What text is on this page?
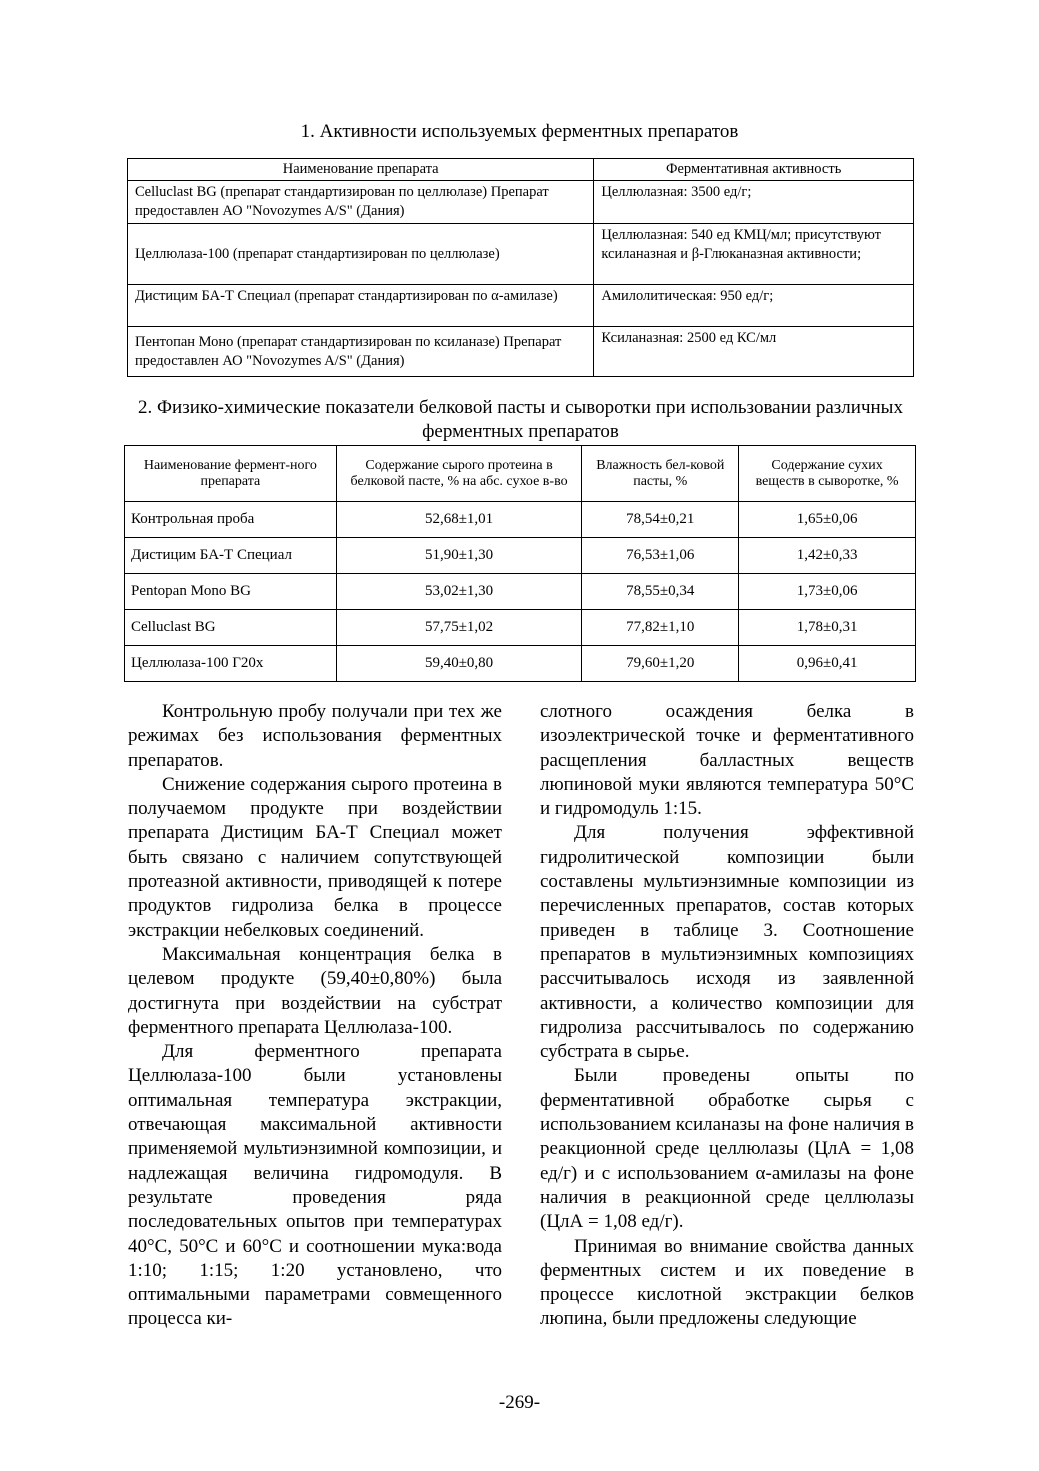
1. Активности используемых ферментных препаратов
Наименование препарата	Ферментативная активность
Celluclast BG (препарат стандартизирован по целлюлазе) Препарат предоставлен АО "Novozymes A/S" (Дания)	Целлюлазная: 3500 ед/г;
Целлюлаза-100 (препарат стандартизирован по целлюлазе)	Целлюлазная: 540 ед КМЦ/мл; присутствуют ксиланазная и β-Глюканазная активности;
Дистицим БА-Т Специал (препарат стандартизирован по α-амилазе)	Амилолитическая: 950 ед/г;
Пентопан Моно (препарат стандартизирован по ксиланазе) Препарат предоставлен АО "Novozymes A/S" (Дания)	Ксиланазная: 2500 ед КС/мл
2. Физико-химические показатели белковой пасты и сыворотки при использовании различных ферментных препаратов
Наименование фермент-ного препарата	Содержание сырого протеина в белковой пасте, % на абс. сухое в-во	Влажность бел-ковой пасты, %	Содержание сухих веществ в сыворотке, %
Контрольная проба	52,68±1,01	78,54±0,21	1,65±0,06
Дистицим БА-Т Специал	51,90±1,30	76,53±1,06	1,42±0,33
Pentopan Mono BG	53,02±1,30	78,55±0,34	1,73±0,06
Celluclast BG	57,75±1,02	77,82±1,10	1,78±0,31
Целлюлаза-100 Г20х	59,40±0,80	79,60±1,20	0,96±0,41

Контрольную пробу получали при тех же режимах без использования ферментных препаратов.

Снижение содержания сырого протеина в получаемом продукте при воздействии препарата Дистицим БА-Т Специал может быть связано с наличием сопутствующей протеазной активности, приводящей к потере продуктов гидролиза белка в процессе экстракции небелковых соединений.

Максимальная концентрация белка в целевом продукте (59,40±0,80%) была достигнута при воздействии на субстрат ферментного препарата Целлюлаза-100.

Для ферментного препарата Целлюлаза-100 были установлены оптимальная температура экстракции, отвечающая максимальной активности применяемой мультиэнзимной композиции, и надлежащая величина гидромодуля. В результате проведения ряда последовательных опытов при температурах 40°С, 50°С и 60°С и соотношении мука:вода 1:10; 1:15; 1:20 установлено, что оптимальными параметрами совмещенного процесса ки-

слотного осаждения белка в изоэлектрической точке и ферментативного расщепления балластных веществ люпиновой муки являются температура 50°С и гидромодуль 1:15.

Для получения эффективной гидролитической композиции были составлены мультиэнзимные композиции из перечисленных препаратов, состав которых приведен в таблице 3. Соотношение препаратов в мультиэнзимных композициях рассчитывалось исходя из заявленной активности, а количество композиции для гидролиза рассчитывалось по содержанию субстрата в сырье.

Были проведены опыты по ферментативной обработке сырья с использованием ксиланазы на фоне наличия в реакционной среде целлюлазы (ЦлА = 1,08 ед/г) и с использованием α-амилазы на фоне наличия в реакционной среде целлюлазы (ЦлА = 1,08 ед/г).

Принимая во внимание свойства данных ферментных систем и их поведение в процессе кислотной экстракции белков люпина, были предложены следующие

-269-
